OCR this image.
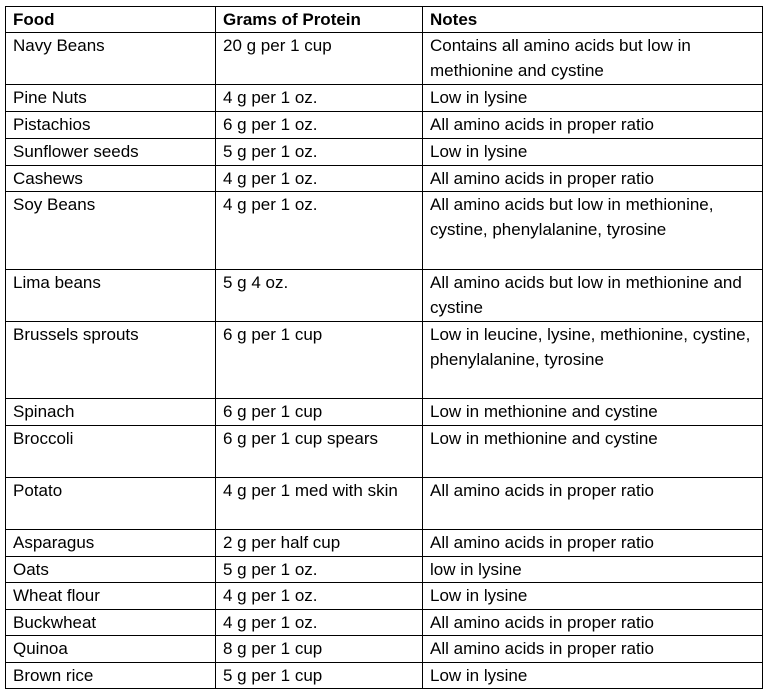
Food	Grams of Protein	Notes
Navy Beans	20 g per 1 cup	Contains all amino acids but low in methionine and cystine
Pine Nuts	4 g per 1 oz.	Low in lysine
Pistachios	6 g per 1 oz.	All amino acids in proper ratio
Sunflower seeds	5 g per 1 oz.	Low in lysine
Cashews	4 g per 1 oz.	All amino acids in proper ratio
Soy Beans	4 g per 1 oz.	All amino acids but low in methionine, cystine, phenylalanine, tyrosine
Lima beans	5 g 4 oz.	All amino acids but low in methionine and cystine
Brussels sprouts	6 g per 1 cup	Low in leucine, lysine, methionine, cystine, phenylalanine, tyrosine
Spinach	6 g per 1 cup	Low in methionine and cystine
Broccoli	6 g per 1 cup spears	Low in methionine and cystine
Potato	4 g per 1 med with skin	All amino acids in proper ratio
Asparagus	2 g per half cup	All amino acids in proper ratio
Oats	5 g per 1 oz.	low in lysine
Wheat flour	4 g per 1 oz.	Low in lysine
Buckwheat	4 g per 1 oz.	All amino acids in proper ratio
Quinoa	8 g per 1 cup	All amino acids in proper ratio
Brown rice	5 g per 1 cup	Low in lysine
